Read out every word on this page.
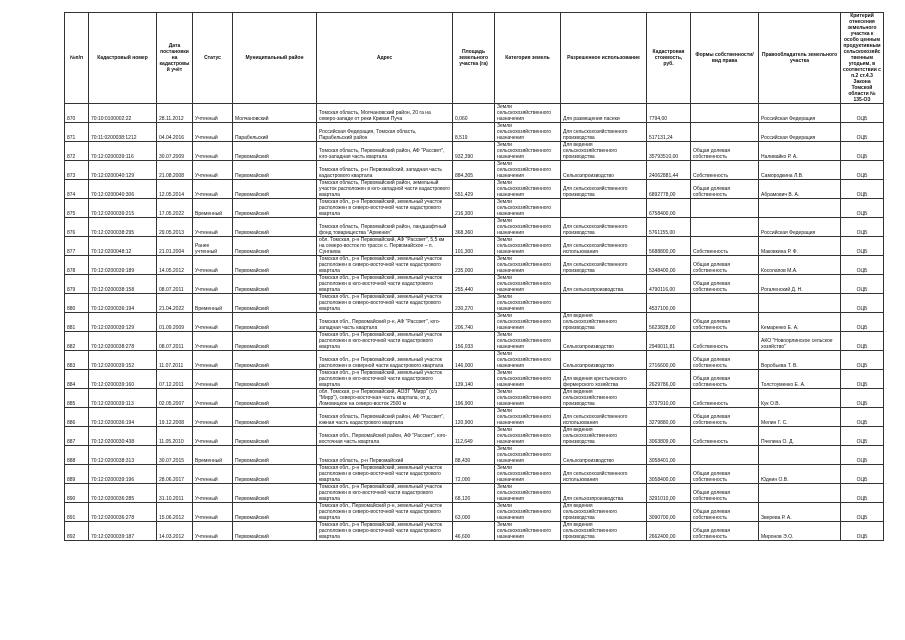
№п/п	Кадастровый номер	Дата постановки на кадастровый учёт	Статус	Муниципальный район	Адрес	Площадь земельного участка (га)	Категория земель	Разрешенное использование	Кадастровая стоимость, руб.	Формы собственности/вид права	Правообладатель земельного участка	Критерий отнесения земельного участка к особо ценным продуктивным сельскохозяйственным угодьям, в соответствии с п.2 ст.4.3 Закона Томской области № 135-ОЗ
870	70:10:0100002:22	28.11.2012	Учтенный	Молчановский	Томская область, Молчановский район, 20 га на северо-западе от реки Кривая Пуча	0,060	Земли сельскохозяйственного назначения	Для размещения пасеки	7794,00		Российская Федерация	ОЦБ
871	70:11:0200038:1212	04.04.2016	Учтенный	Парабельский	Российская Федерация, Томская область, Парабельский район	8,519	Земли сельскохозяйственного назначения	Для сельскохозяйственного производства	517131,24		Российская Федерация	ОЦБ
872	70:12:0200039:116	30.07.2009	Учтенный	Первомайский	Томская область, Первомайский район, АФ "Рассвет", юго-западная часть квартала	932,390	Земли сельскохозяйственного назначения	Для ведения сельскохозяйственного производства	35793510,00	Общая долевая собственность	Наливайко Р. А.	ОЦБ
873	70:12:0200040:129	21.08.2008	Учтенный	Первомайский	Томская область, р-н Первомайский, западная часть кадастрового квартала	884,305	Земли сельскохозяйственного назначения	Сельхозпроизводство	24062881,44	Собственность	Самородкина Л.В.	ОЦБ
874	70:12:0200040:306	12.05.2014	Учтенный	Первомайский	Томская область, Первомайский район, земельный участок расположен в юго-западной части кадастрового квартала	551,429	Земли сельскохозяйственного назначения	Для сельскохозяйственного производства	6892778,00	Общая долевая собственность	Абрамович В. А.	ОЦБ
875	70:12:0200039:215	17.05.2022	Временный	Первомайский	Томская обл., р-н Первомайский, земельный участок расположен в северо-восточной части кадастрового квартала	216,300	Земли сельскохозяйственного назначения		6758400,00			ОЦБ
876	70:12:0200038:295	29.05.2013	Учтенный	Первомайский	Томская область, Первомайский район, ландшафтный фонд товарищества "Армения"	368,360	Земли сельскохозяйственного назначения	Для сельскохозяйственного производства	5761155,00		Российская Федерация	ОЦБ
877	70:12:0200048:12	21.01.2004	Ранее учтенный	Первомайский	обл. Томская, р-н Первомайский, АФ "Рассвет", 5,5 км на северо-восток по трассе с. Первомайское – п. Сунгаева	101,300	Земли сельскохозяйственного назначения	Для сельскохозяйственного использования	5688800,00	Собственность	Маковкина Р. Ф.	ОЦБ
878	70:12:0200039:189	14.05.2012	Учтенный	Первомайский	Томская обл., р-н Первомайский, земельный участок расположен в северо-восточной части кадастрового квартала	235,000	Земли сельскохозяйственного назначения	Для сельскохозяйственного производства	5348400,00	Общая долевая собственность	Косолапов М.А.	ОЦБ
879	70:12:0200038:158	08.07.2011	Учтенный	Первомайский	Томская обл., р-н Первомайский, земельный участок расположен в юго-восточной части кадастрового квартала	255,440	Земли сельскохозяйственного назначения	Для сельхозпроизводства	4790116,00	Общая долевая собственность	Рогаленский Д. Н.	ОЦБ
880	70:12:0200036:194	21.04.2022	Временный	Первомайский	Томская обл., р-н Первомайский, земельный участок расположен в северо-восточной части кадастрового квартала	230,270	Земли сельскохозяйственного назначения		4537100,00			ОЦБ
881	70:12:0200039:129	01.09.2009	Учтенный	Первомайский	Томская обл., Первомайский р-н, АФ "Рассвет", юго-западная часть квартала	206,740	Земли сельскохозяйственного назначения	Для ведения сельскохозяйственного производства	5623828,00	Общая долевая собственность	Кемаренко Е. А.	ОЦБ
882	70:12:0200038:278	08.07.2011	Учтенный	Первомайский	Томская обл., р-н Первомайский, земельный участок расположен в юго-восточной части кадастрового квартала	156,033	Земли сельскохозяйственного назначения	Сельхозпроизводство	2949011,81	Собственность	АКО "Новоорлинское сельское хозяйство"	ОЦБ
883	70:12:0200039:152	11.07.2011	Учтенный	Первомайский	Томская обл., р-н Первомайский, земельный участок расположен в северной части кадастрового квартала	146,000	Земли сельскохозяйственного назначения	Сельхозпроизводство	2716600,00	Общая долевая собственность	Воробьева Т. В.	ОЦБ
884	70:12:0200039:160	07.12.2011	Учтенный	Первомайский	Томская обл., р-н Первомайский, земельный участок расположен в юго-восточной части кадастрового квартала	139,140	Земли сельскохозяйственного назначения	Для ведения крестьянского фермерского хозяйства	2629786,00	Общая долевая собственность	Толстоуменко Е. А.	ОЦБ
885	70:12:0200039:113	02.05.2007	Учтенный	Первомайский	обл. Томская, р-н Первомайский, АОЗТ "Мирр" (с/з "Мирр"), северо-восточная часть квартала, от д. Ломовицкое на северо-восток 2500 м	196,900	Земли сельскохозяйственного назначения	Для ведения сельскохозяйственного производства	3737910,00	Собственность	Кук О.В.	ОЦБ
886	70:12:0200036:194	19.12.2008	Учтенный	Первомайский	Томская область, Первомайский район, АФ "Рассвет", южная часть кадастрового квартала	120,900	Земли сельскохозяйственного назначения	Для сельскохозяйственного использования	3279880,00	Общая долевая собственность	Мелин Г. С.	ОЦБ
887	70:12:0200030:438	11.05.2010	Учтенный	Первомайский	Томская обл., Первомайский район, АФ "Рассвет", юго-восточная часть квартала	112,649	Земли сельскохозяйственного назначения	Для ведения сельскохозяйственного производства	3063809,00	Собственность	Пчелина О. Д.	ОЦБ
888	70:12:0200038:313	30.07.2015	Временный	Первомайский	Томская область, р-н Первомайский	88,430	Земли сельскохозяйственного назначения	Сельхозпроизводство	3058401,00			ОЦБ
889	70:12:0200039:196	28.06.2017	Учтенный	Первомайский	Томская обл., р-н Первомайский, земельный участок расположен в северо-восточной части кадастрового квартала	72,000	Земли сельскохозяйственного назначения	Для сельскохозяйственного использования	3058400,00	Общая долевая собственность	Юдеин О.В.	ОЦБ
890	70:12:0200036:285	31.10.2011	Учтенный	Первомайский	Томская обл., р-н Первомайский, земельный участок расположен в юго-восточной части кадастрового квартала	68,120	Земли сельскохозяйственного назначения	Для сельхозпроизводства	3291010,00	Общая долевая собственность		ОЦБ
891	70:12:0200036:278	15.06.2012	Учтенный	Первомайский	Томская обл., Первомайский р-н, земельный участок расположен в северо-восточной части кадастрового квартала	63,000	Земли сельскохозяйственного назначения	Для ведения сельскохозяйственного производства	3090700,00	Общая долевая собственность	Зверева Р. А.	ОЦБ
892	70:12:0200039:187	14.03.2012	Учтенный	Первомайский	Томская обл., р-н Первомайский, земельный участок расположен в северо-восточной части кадастрового квартала	46,600	Земли сельскохозяйственного назначения	Для ведения сельскохозяйственного производства	2662400,00	Общая долевая собственность	Миронов Э.О.	ОЦБ
